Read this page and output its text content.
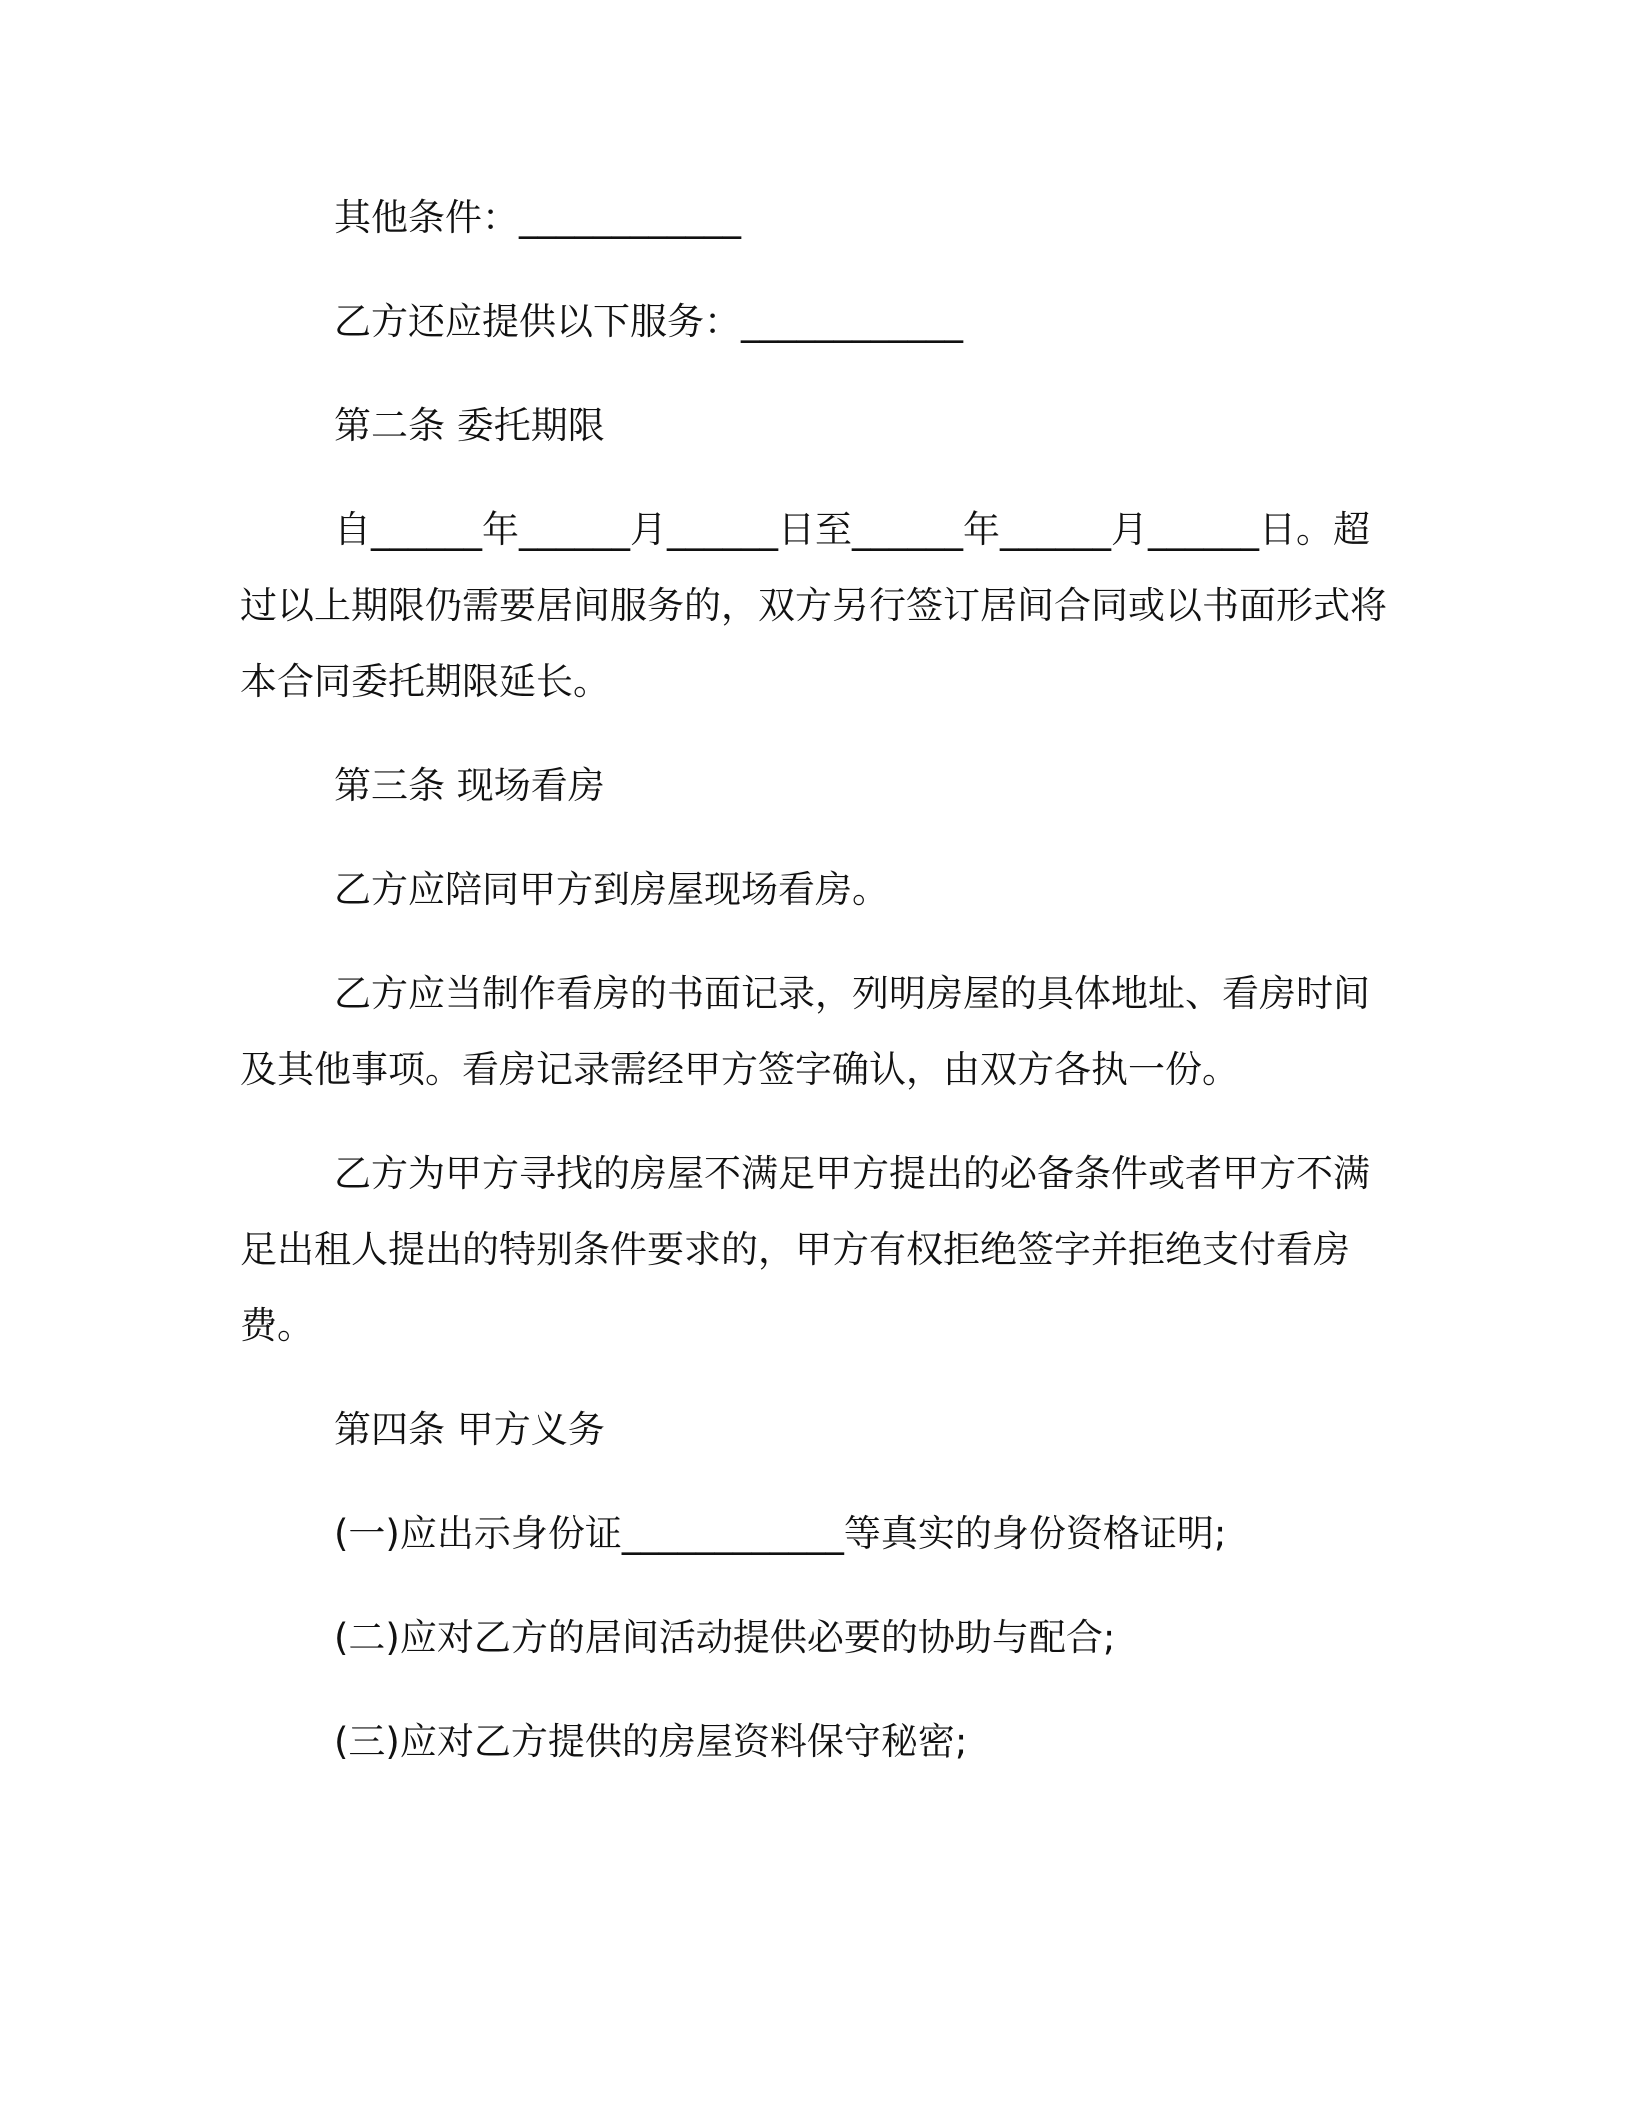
其他条件：____________

乙方还应提供以下服务：____________

第二条 委托期限

自______年______月______日至______年______月______日。超过以上期限仍需要居间服务的，双方另行签订居间合同或以书面形式将本合同委托期限延长。

第三条 现场看房

乙方应陪同甲方到房屋现场看房。

乙方应当制作看房的书面记录，列明房屋的具体地址、看房时间及其他事项。看房记录需经甲方签字确认，由双方各执一份。

乙方为甲方寻找的房屋不满足甲方提出的必备条件或者甲方不满足出租人提出的特别条件要求的，甲方有权拒绝签字并拒绝支付看房费。

第四条 甲方义务

(一)应出示身份证____________等真实的身份资格证明;

(二)应对乙方的居间活动提供必要的协助与配合;

(三)应对乙方提供的房屋资料保守秘密;
